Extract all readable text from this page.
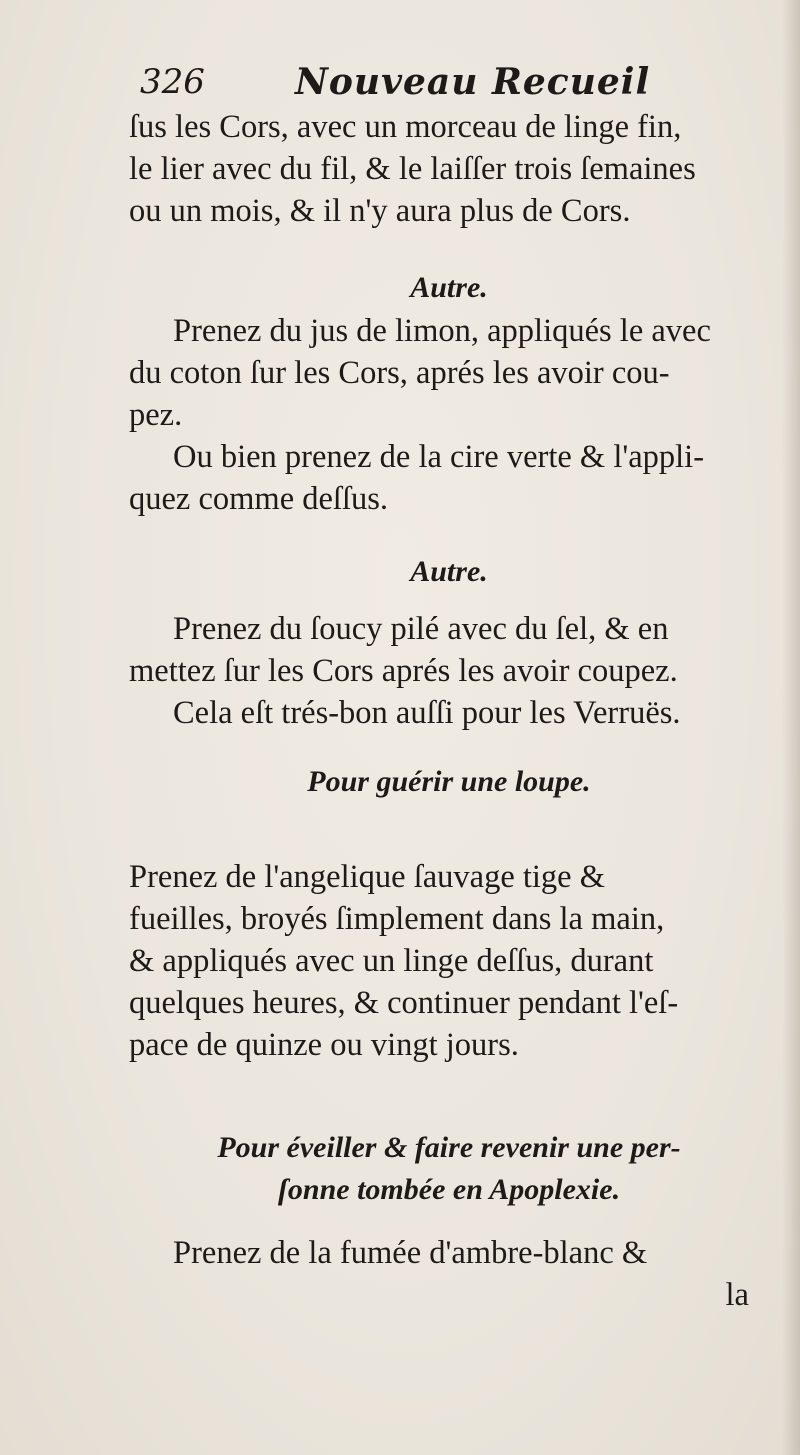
326	Nouveau Recueil
ſus les Cors, avec un morceau de linge fin,
le lier avec du fil, & le laiſſer trois ſemaines
ou un mois, & il n'y aura plus de Cors.
Autre.
Prenez du jus de limon, appliqués le avec
du coton ſur les Cors, aprés les avoir cou-
pez.
Ou bien prenez de la cire verte & l'appli-
quez comme deſſus.
Autre.
Prenez du ſoucy pilé avec du ſel, & en
mettez ſur les Cors aprés les avoir coupez.
Cela eſt trés-bon auſſi pour les Verruës.
Pour guérir une loupe.
Prenez de l'angelique ſauvage tige &
fueilles, broyés ſimplement dans la main,
& appliqués avec un linge deſſus, durant
quelques heures, & continuer pendant l'eſ-
pace de quinze ou vingt jours.
Pour éveiller & faire revenir une per-
ſonne tombée en Apoplexie.
Prenez de la fumée d'ambre-blanc &
la
